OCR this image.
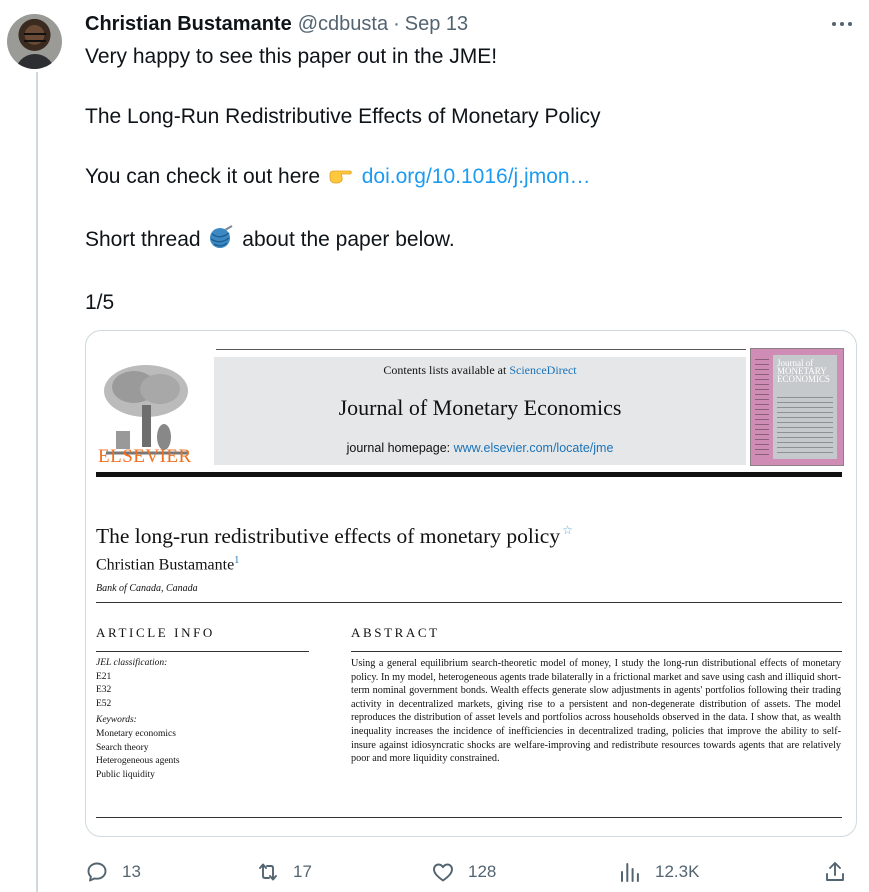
Christian Bustamante @cdbusta · Sep 13

Very happy to see this paper out in the JME!

The Long-Run Redistributive Effects of Monetary Policy

You can check it out here doi.org/10.1016/j.jmon…

Short thread about the paper below.

1/5

ELSEVIER
Contents lists available at ScienceDirect
Journal of Monetary Economics
journal homepage: www.elsevier.com/locate/jme
Journal of
MONETARY
ECONOMICS
The long-run redistributive effects of monetary policy ☆
Christian Bustamante$^1$
Bank of Canada, Canada
ARTICLE INFO	ABSTRACT
JEL classification:
E21
E32
E52
Keywords:
Monetary economics
Search theory
Heterogeneous agents
Public liquidity
Using a general equilibrium search-theoretic model of money, I study the long-run distributional effects of monetary policy. In my model, heterogeneous agents trade bilaterally in a frictional market and save using cash and illiquid short-term nominal government bonds. Wealth effects generate slow adjustments in agents' portfolios following their trading activity in decentralized markets, giving rise to a persistent and non-degenerate distribution of assets. The model reproduces the distribution of asset levels and portfolios across households observed in the data. I show that, as wealth inequality increases the incidence of inefficiencies in decentralized trading, policies that improve the ability to self-insure against idiosyncratic shocks are welfare-improving and redistribute resources towards agents that are relatively poor and more liquidity constrained.
13	17	128	12.3K
